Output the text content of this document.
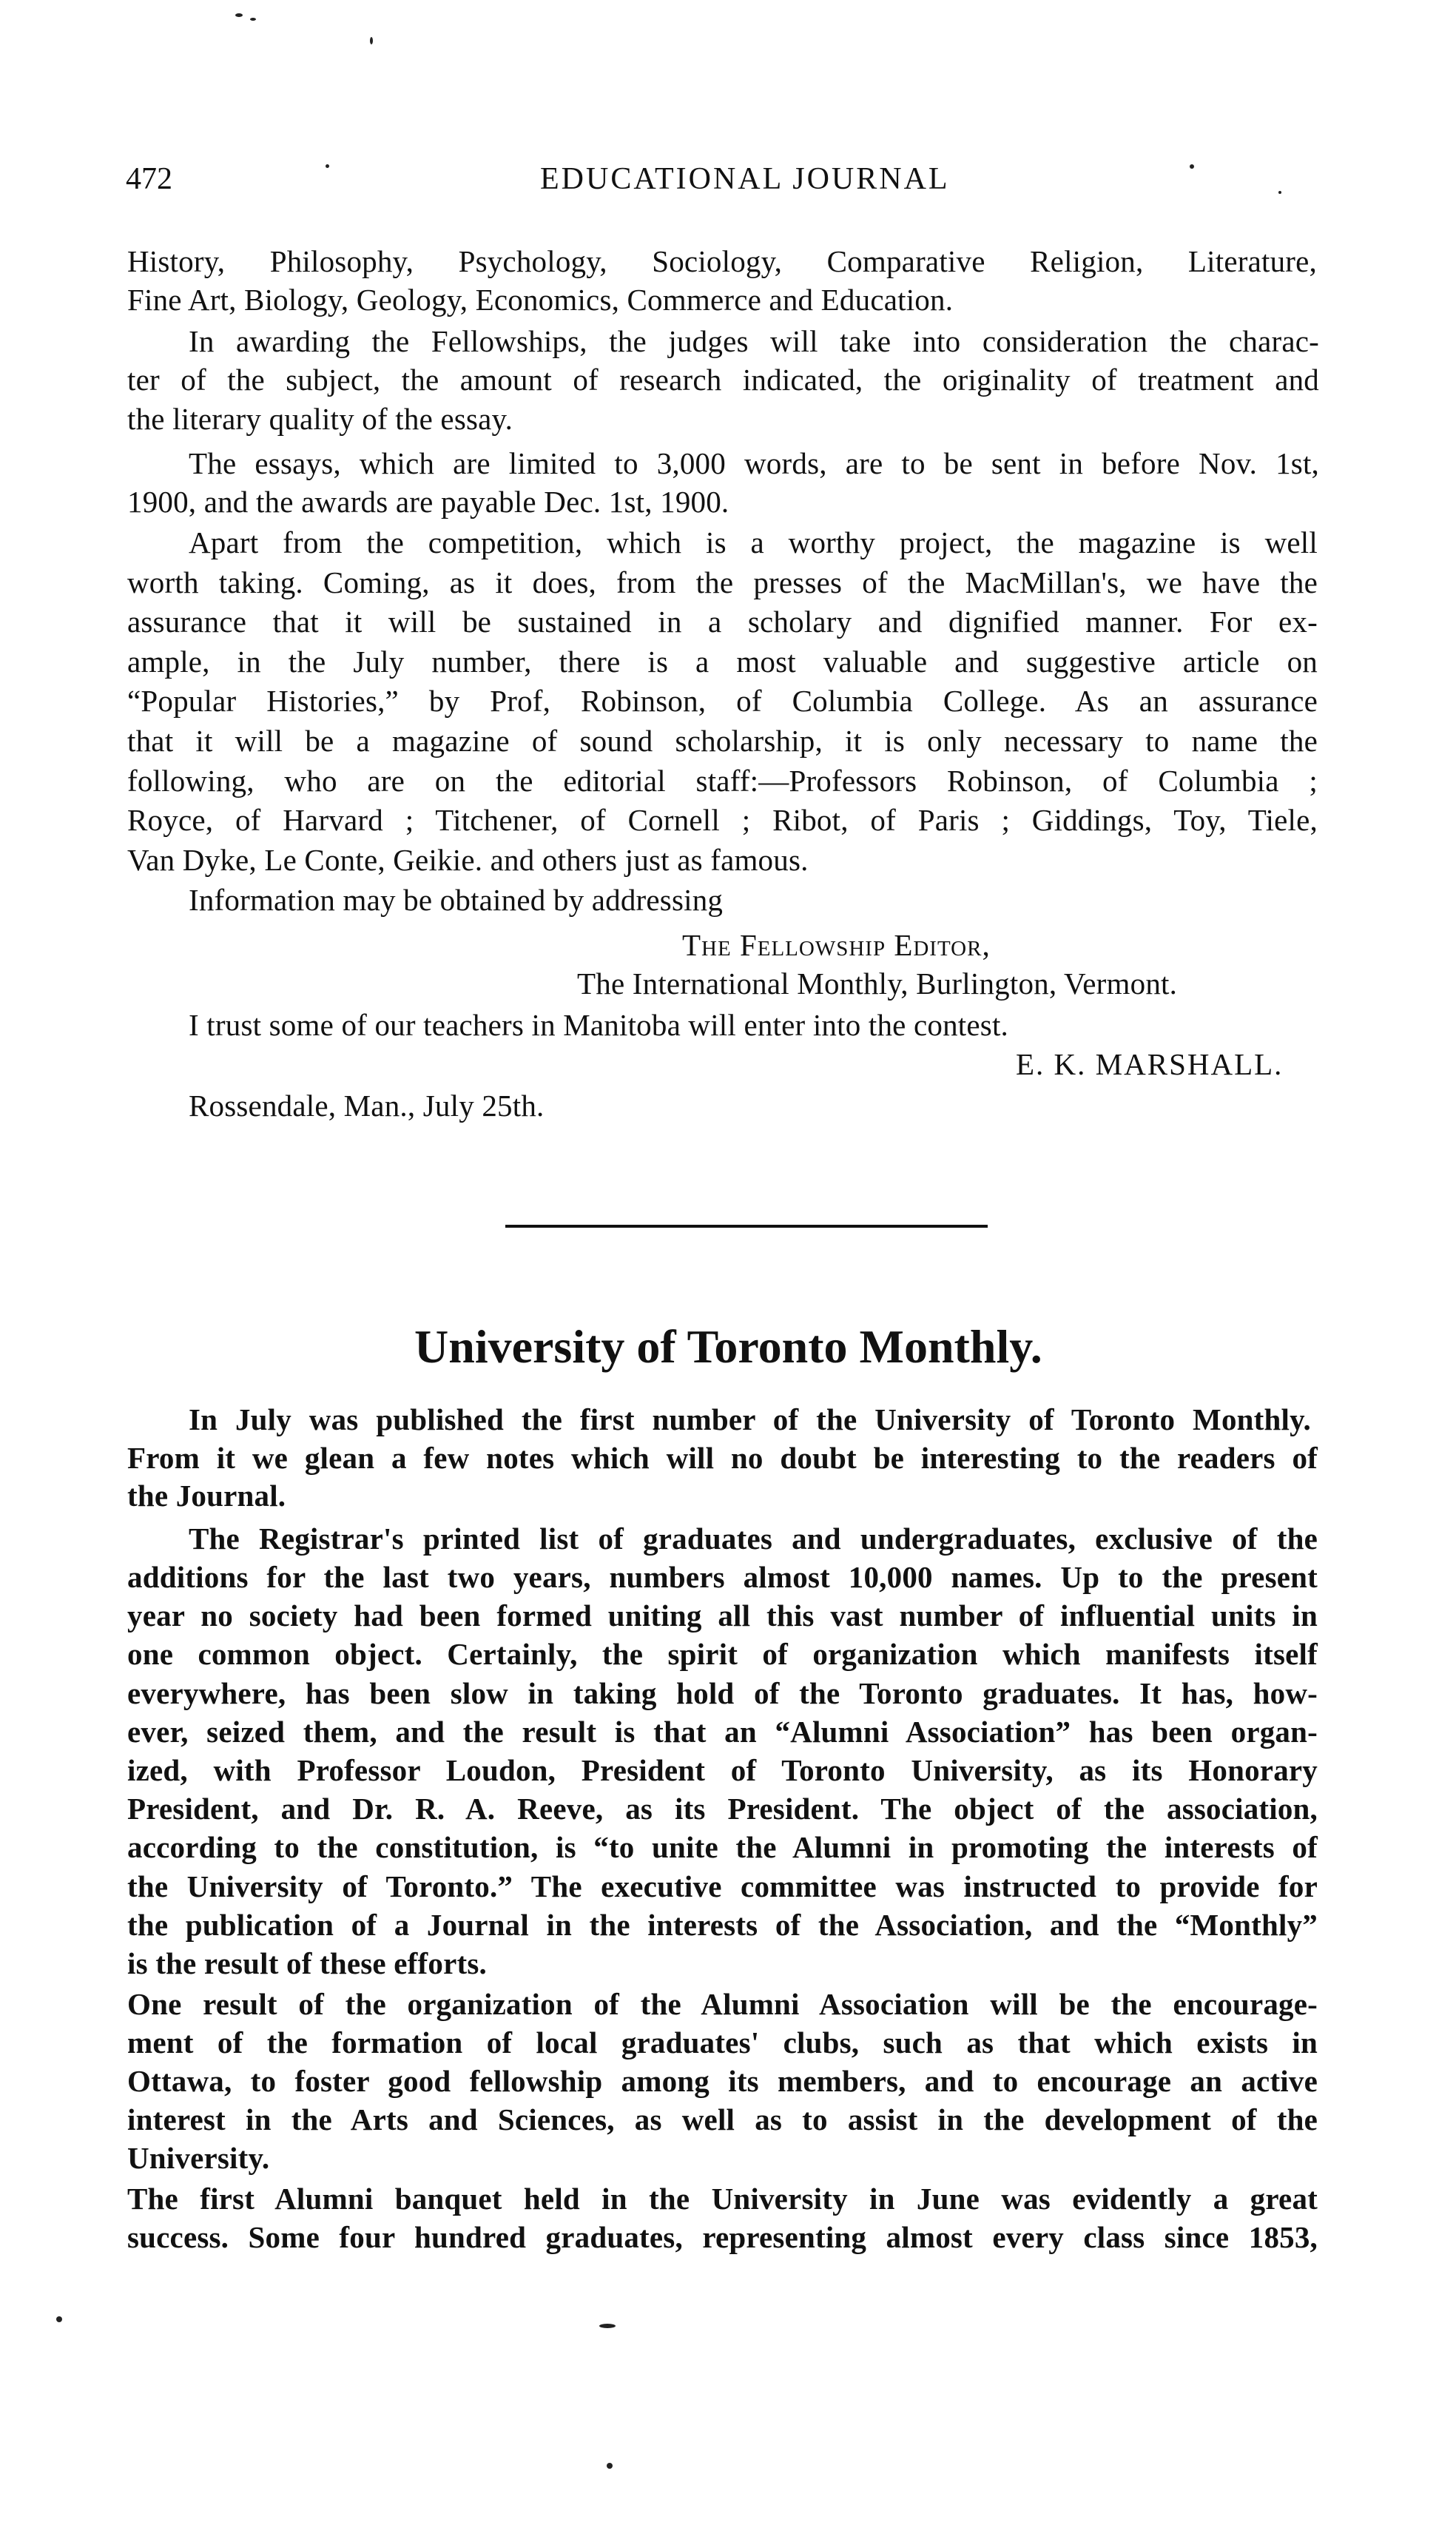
472	EDUCATIONAL JOURNAL
History, Philosophy, Psychology, Sociology, Comparative Religion, Literature,
Fine Art, Biology, Geology, Economics, Commerce and Education.
In awarding the Fellowships, the judges will take into consideration the charac-
ter of the subject, the amount of research indicated, the originality of treatment and
the literary quality of the essay.
The essays, which are limited to 3,000 words, are to be sent in before Nov. 1st,
1900, and the awards are payable Dec. 1st, 1900.
Apart from the competition, which is a worthy project, the magazine is well
worth taking. Coming, as it does, from the presses of the MacMillan's, we have the
assurance that it will be sustained in a scholary and dignified manner. For ex-
ample, in the July number, there is a most valuable and suggestive article on
“Popular Histories,” by Prof, Robinson, of Columbia College. As an assurance
that it will be a magazine of sound scholarship, it is only necessary to name the
following, who are on the editorial staff:—Professors Robinson, of Columbia ;
Royce, of Harvard ; Titchener, of Cornell ; Ribot, of Paris ; Giddings, Toy, Tiele,
Van Dyke, Le Conte, Geikie. and others just as famous.
Information may be obtained by addressing
The Fellowship Editor,
The International Monthly, Burlington, Vermont.
I trust some of our teachers in Manitoba will enter into the contest.
E. K. MARSHALL.
Rossendale, Man., July 25th.
University of Toronto Monthly.
In July was published the first number of the University of Toronto Monthly.
From it we glean a few notes which will no doubt be interesting to the readers of
the Journal.
The Registrar's printed list of graduates and undergraduates, exclusive of the
additions for the last two years, numbers almost 10,000 names. Up to the present
year no society had been formed uniting all this vast number of influential units in
one common object. Certainly, the spirit of organization which manifests itself
everywhere, has been slow in taking hold of the Toronto graduates. It has, how-
ever, seized them, and the result is that an “Alumni Association” has been organ-
ized, with Professor Loudon, President of Toronto University, as its Honorary
President, and Dr. R. A. Reeve, as its President. The object of the association,
according to the constitution, is “to unite the Alumni in promoting the interests of
the University of Toronto.” The executive committee was instructed to provide for
the publication of a Journal in the interests of the Association, and the “Monthly”
is the result of these efforts.
One result of the organization of the Alumni Association will be the encourage-
ment of the formation of local graduates' clubs, such as that which exists in
Ottawa, to foster good fellowship among its members, and to encourage an active
interest in the Arts and Sciences, as well as to assist in the development of the
University.
The first Alumni banquet held in the University in June was evidently a great
success. Some four hundred graduates, representing almost every class since 1853,
